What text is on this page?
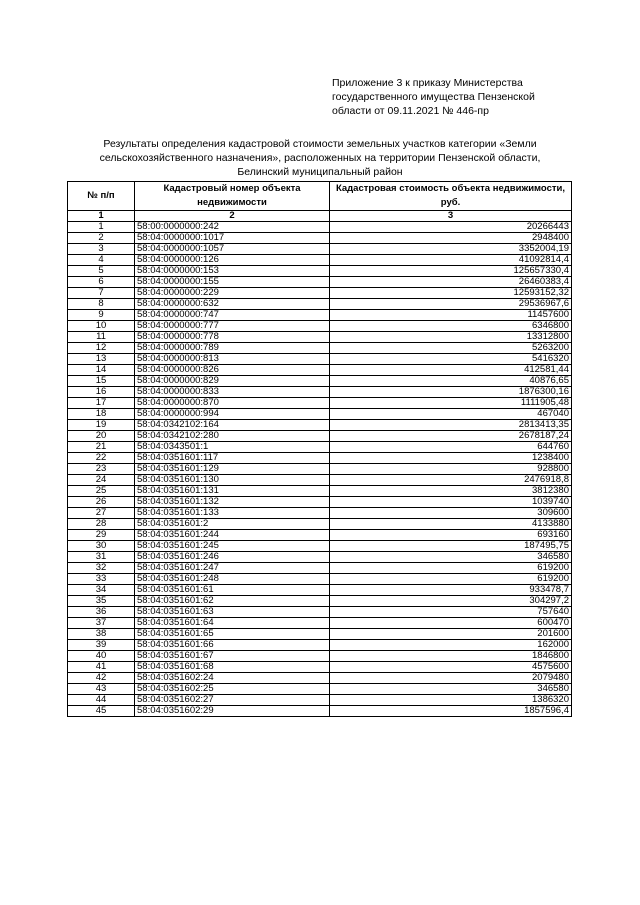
Приложение 3 к приказу Министерства
государственного имущества Пензенской
области от 09.11.2021 № 446-пр
Результаты определения кадастровой стоимости земельных участков категории «Земли
сельскохозяйственного назначения», расположенных на территории Пензенской области,
Белинский муниципальный район
№ п/п	Кадастровый номер объекта недвижимости	Кадастровая стоимость объекта недвижимости, руб.
1	2	3
1	58:00:0000000:242	20266443
2	58:04:0000000:1017	2948400
3	58:04:0000000:1057	3352004,19
4	58:04:0000000:126	41092814,4
5	58:04:0000000:153	125657330,4
6	58:04:0000000:155	26460383,4
7	58:04:0000000:229	12593152,32
8	58:04:0000000:632	29536967,6
9	58:04:0000000:747	11457600
10	58:04:0000000:777	6346800
11	58:04:0000000:778	13312800
12	58:04:0000000:789	5263200
13	58:04:0000000:813	5416320
14	58:04:0000000:826	412581,44
15	58:04:0000000:829	40876,65
16	58:04:0000000:833	1876300,16
17	58:04:0000000:870	1111905,48
18	58:04:0000000:994	467040
19	58:04:0342102:164	2813413,35
20	58:04:0342102:280	2678187,24
21	58:04:0343501:1	644760
22	58:04:0351601:117	1238400
23	58:04:0351601:129	928800
24	58:04:0351601:130	2476918,8
25	58:04:0351601:131	3812380
26	58:04:0351601:132	1039740
27	58:04:0351601:133	309600
28	58:04:0351601:2	4133880
29	58:04:0351601:244	693160
30	58:04:0351601:245	187495,75
31	58:04:0351601:246	346580
32	58:04:0351601:247	619200
33	58:04:0351601:248	619200
34	58:04:0351601:61	933478,7
35	58:04:0351601:62	304297,2
36	58:04:0351601:63	757640
37	58:04:0351601:64	600470
38	58:04:0351601:65	201600
39	58:04:0351601:66	162000
40	58:04:0351601:67	1846800
41	58:04:0351601:68	4575600
42	58:04:0351602:24	2079480
43	58:04:0351602:25	346580
44	58:04:0351602:27	1386320
45	58:04:0351602:29	1857596,4
